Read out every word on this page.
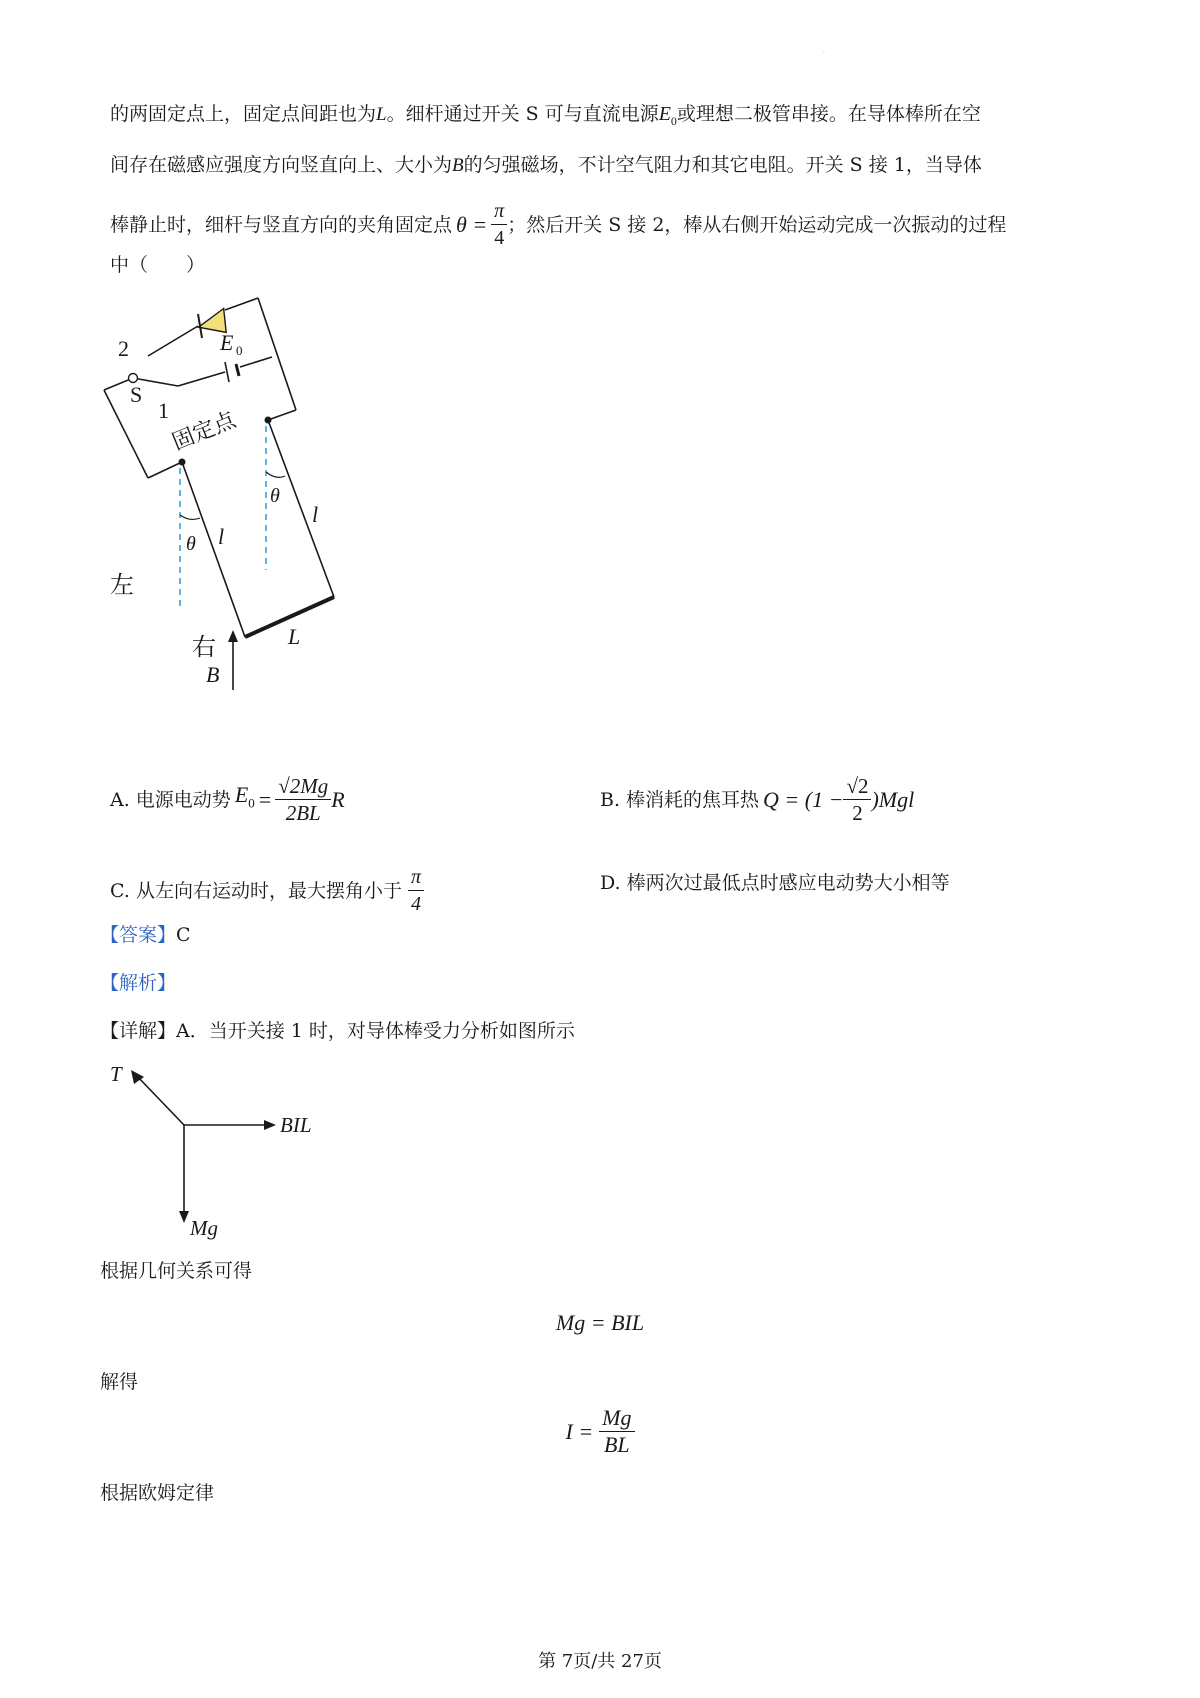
·
的两固定点上，固定点间距也为L。细杆通过开关 S 可与直流电源$E_0$或理想二极管串接。在导体棒所在空
间存在磁感应强度方向竖直向上、大小为B的匀强磁场，不计空气阻力和其它电阻。开关 S 接 1，当导体
棒静止时，细杆与竖直方向的夹角固定点 $\theta = \frac{\pi}{4}$ ；然后开关 S 接 2，棒从右侧开始运动完成一次振动的过程
中（　　）
2
S
1
E 0
固定点
θ l
θ
l
左
右	L
B
A. 电源电动势 $E_0 = \frac{√2Mg}{2BL}$ R	B. 棒消耗的焦耳热 $Q = (1 - \frac{√2}{2} )Mgl$
C. 从左向右运动时，最大摆角小于 $\frac{\pi}{4}$	D. 棒两次过最低点时感应电动势大小相等
【答案】C
【解析】
【详解】A．当开关接 1 时，对导体棒受力分析如图所示
T
BIL
Mg
根据几何关系可得
Mg = BIL
解得
$I = \frac{Mg}{BL}$
根据欧姆定律
第 7页/共 27页
